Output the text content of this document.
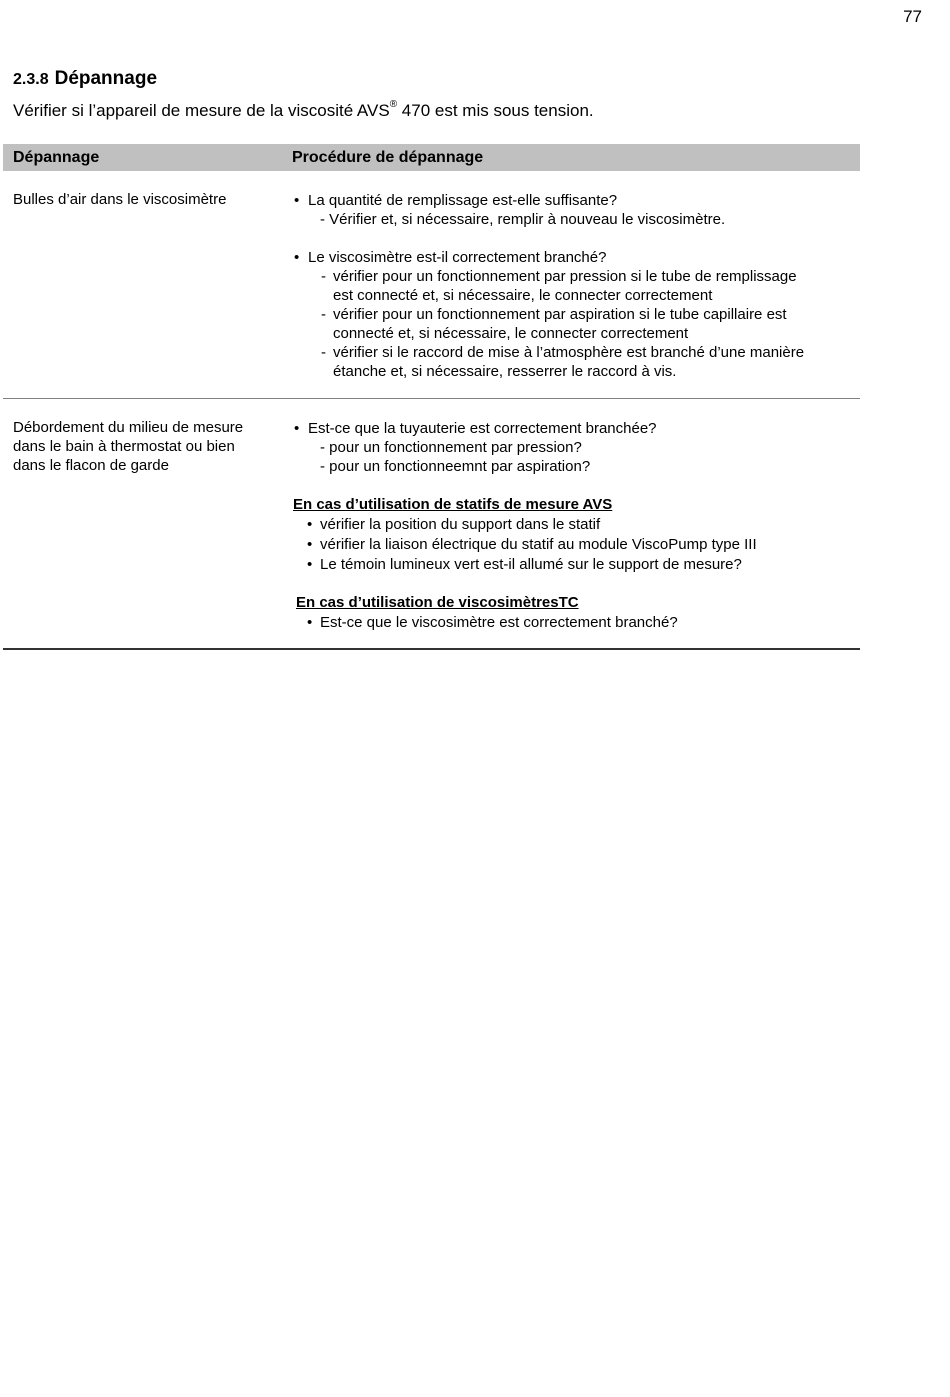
77
2.3.8 Dépannage
Vérifier si l’appareil de mesure de la viscosité AVS® 470 est mis sous tension.
Dépannage	Procédure de dépannage
Bulles d’air dans le viscosimètre
•	La quantité de remplissage est-elle suffisante?
- Vérifier et, si nécessaire, remplir à nouveau le viscosimètre.
• Le viscosimètre est-il correctement branché?
- vérifier pour un fonctionnement par pression si le tube de remplissage
est connecté et, si nécessaire, le connecter correctement
- vérifier pour un fonctionnement par aspiration si le tube capillaire est
connecté et, si nécessaire, le connecter correctement
- vérifier si le raccord de mise à l’atmosphère est branché d’une manière
étanche et, si nécessaire, resserrer le raccord à vis.
Débordement du milieu de mesure
dans le bain à thermostat ou bien
dans le flacon de garde
• Est-ce que la tuyauterie est correctement branchée?
- pour un fonctionnement par pression?
- pour un fonctionneemnt par aspiration?
En cas d’utilisation de statifs de mesure AVS
• vérifier la position du support dans le statif
• vérifier la liaison électrique du statif au module ViscoPump type III
• Le témoin lumineux vert est-il allumé sur le support de mesure?
En cas d’utilisation de viscosimètresTC
• Est-ce que le viscosimètre est correctement branché?
